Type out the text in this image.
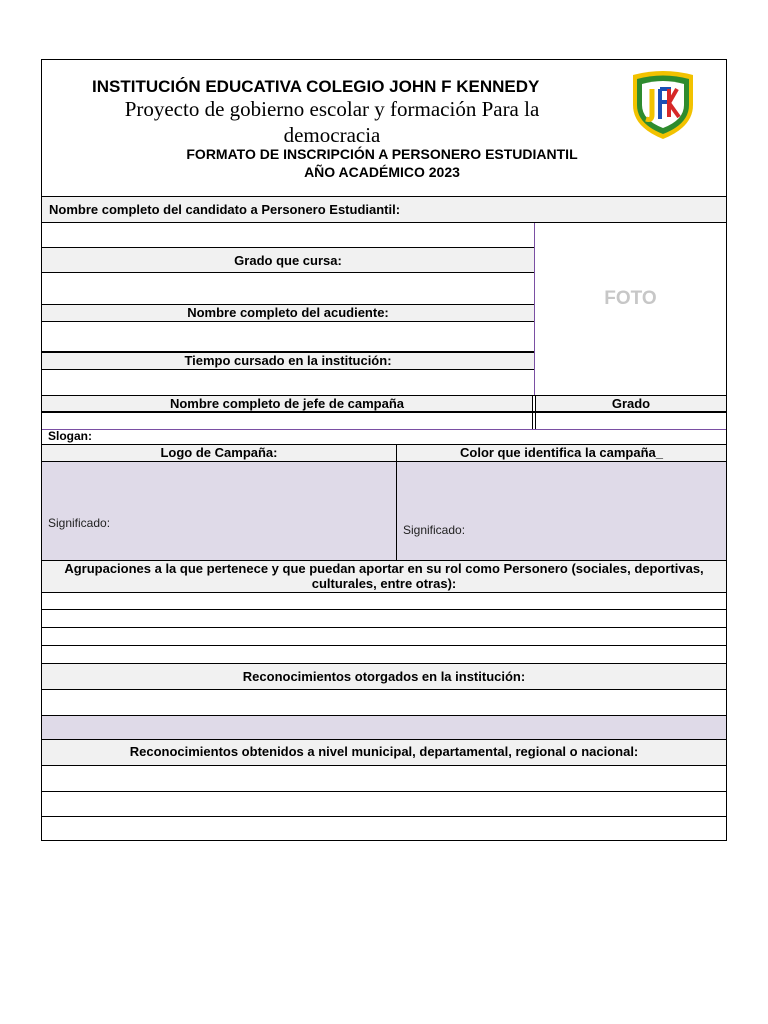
INSTITUCIÓN EDUCATIVA COLEGIO JOHN F KENNEDY
Proyecto de gobierno escolar y formación Para la democracia
FORMATO DE INSCRIPCIÓN A PERSONERO ESTUDIANTIL
AÑO ACADÉMICO 2023
Nombre completo del candidato a Personero Estudiantil:
Grado que cursa:
Nombre completo del acudiente:
Tiempo cursado en la institución:
FOTO
Nombre completo de jefe de campaña	Grado
Slogan:
Logo de Campaña:	Color que identifica la campaña_
Significado:	Significado:
Agrupaciones a la que pertenece y que puedan aportar en su rol como Personero (sociales, deportivas, culturales, entre otras):
Reconocimientos otorgados en la institución:
Reconocimientos obtenidos a nivel municipal, departamental, regional o nacional:
